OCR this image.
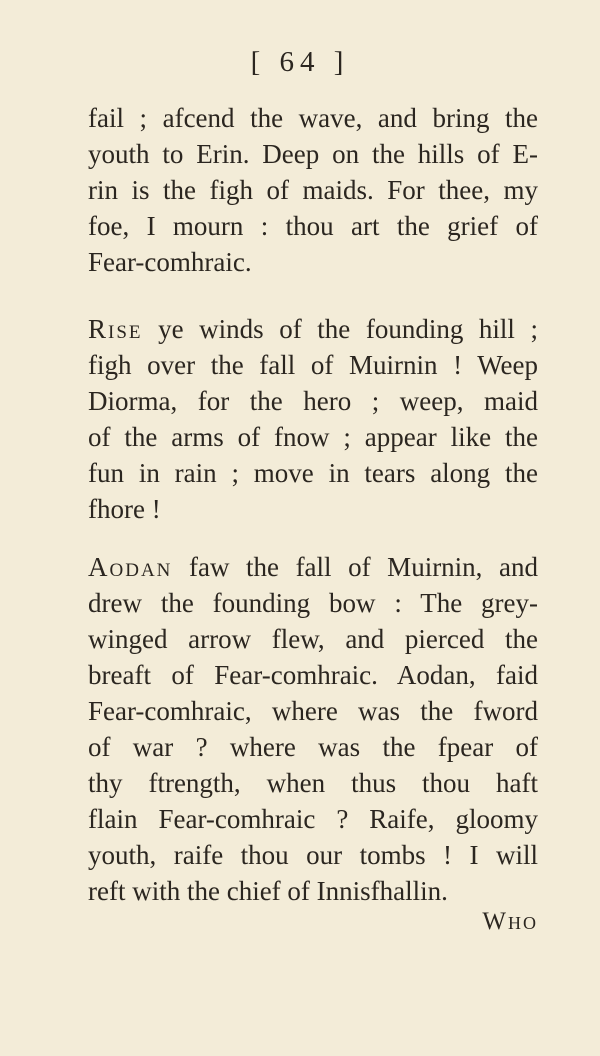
[ 64 ]
fail ; afcend the wave, and bring the
youth to Erin. Deep on the hills of E-
rin is the figh of maids. For thee, my
foe, I mourn : thou art the grief of
Fear-comhraic.
Rise ye winds of the founding hill ;
figh over the fall of Muirnin ! Weep
Diorma, for the hero ; weep, maid
of the arms of fnow ; appear like the
fun in rain ; move in tears along the
fhore !
Aodan faw the fall of Muirnin, and
drew the founding bow : The grey-
winged arrow flew, and pierced the
breaft of Fear-comhraic. Aodan, faid
Fear-comhraic, where was the fword
of war ? where was the fpear of
thy ftrength, when thus thou haft
flain Fear-comhraic ? Raife, gloomy
youth, raife thou our tombs ! I will
reft with the chief of Innisfhallin.
Who
